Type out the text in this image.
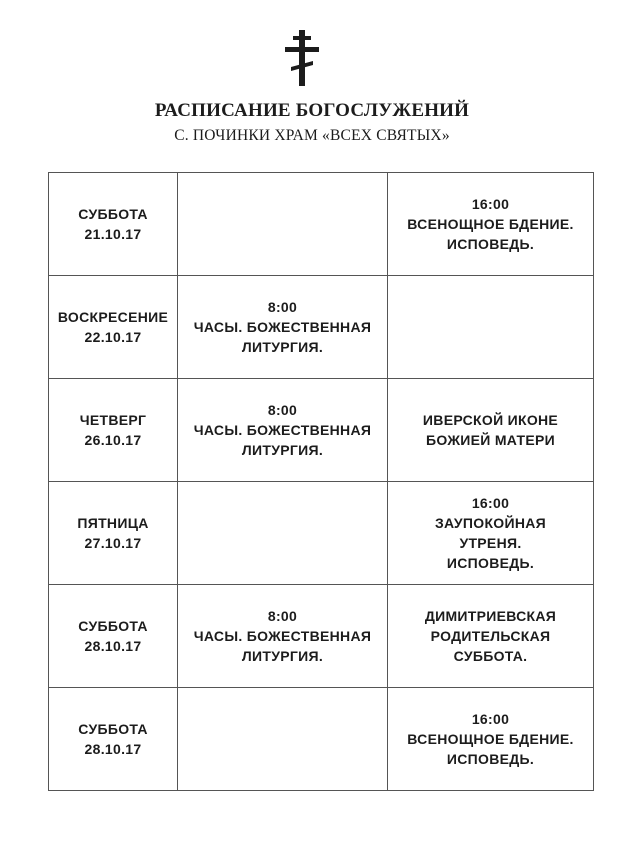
РАСПИСАНИЕ БОГОСЛУЖЕНИЙ
С. ПОЧИНКИ ХРАМ «ВСЕХ СВЯТЫХ»
СУББОТА
21.10.17		16:00
ВСЕНОЩНОЕ БДЕНИЕ.
ИСПОВЕДЬ.

ВОСКРЕСЕНИЕ
22.10.17	8:00
ЧАСЫ. БОЖЕСТВЕННАЯ
ЛИТУРГИЯ.	

ЧЕТВЕРГ
26.10.17	8:00
ЧАСЫ. БОЖЕСТВЕННАЯ
ЛИТУРГИЯ.	ИВЕРСКОЙ ИКОНЕ
БОЖИЕЙ МАТЕРИ

ПЯТНИЦА
27.10.17		16:00
ЗАУПОКОЙНАЯ
УТРЕНЯ.
ИСПОВЕДЬ.

СУББОТА
28.10.17	8:00
ЧАСЫ. БОЖЕСТВЕННАЯ
ЛИТУРГИЯ.	ДИМИТРИЕВСКАЯ
РОДИТЕЛЬСКАЯ
СУББОТА.

СУББОТА
28.10.17		16:00
ВСЕНОЩНОЕ БДЕНИЕ.
ИСПОВЕДЬ.
